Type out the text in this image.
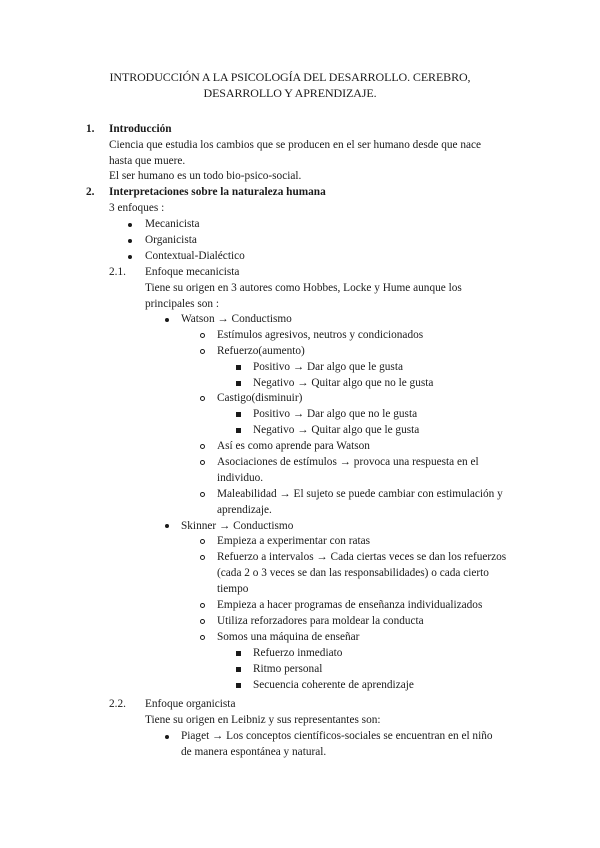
INTRODUCCIÓN A LA PSICOLOGÍA DEL DESARROLLO. CEREBRO,
DESARROLLO Y APRENDIZAJE.
1. Introducción
Ciencia que estudia los cambios que se producen en el ser humano desde que nace
hasta que muere.
El ser humano es un todo bio-psico-social.
2. Interpretaciones sobre la naturaleza humana
3 enfoques :
Mecanicista
Organicista
Contextual-Dialéctico
2.1. Enfoque mecanicista
Tiene su origen en 3 autores como Hobbes, Locke y Hume aunque los
principales son :
Watson → Conductismo
Estímulos agresivos, neutros y condicionados
Refuerzo(aumento)
Positivo → Dar algo que le gusta
Negativo → Quitar algo que no le gusta
Castigo(disminuir)
Positivo → Dar algo que no le gusta
Negativo → Quitar algo que le gusta
Así es como aprende para Watson
Asociaciones de estímulos → provoca una respuesta en el
individuo.
Maleabilidad → El sujeto se puede cambiar con estimulación y
aprendizaje.
Skinner → Conductismo
Empieza a experimentar con ratas
Refuerzo a intervalos → Cada ciertas veces se dan los refuerzos
(cada 2 o 3 veces se dan las responsabilidades) o cada cierto
tiempo
Empieza a hacer programas de enseñanza individualizados
Utiliza reforzadores para moldear la conducta
Somos una máquina de enseñar
Refuerzo inmediato
Ritmo personal
Secuencia coherente de aprendizaje
2.2. Enfoque organicista
Tiene su origen en Leibniz y sus representantes son:
Piaget → Los conceptos científicos-sociales se encuentran en el niño
de manera espontánea y natural.
